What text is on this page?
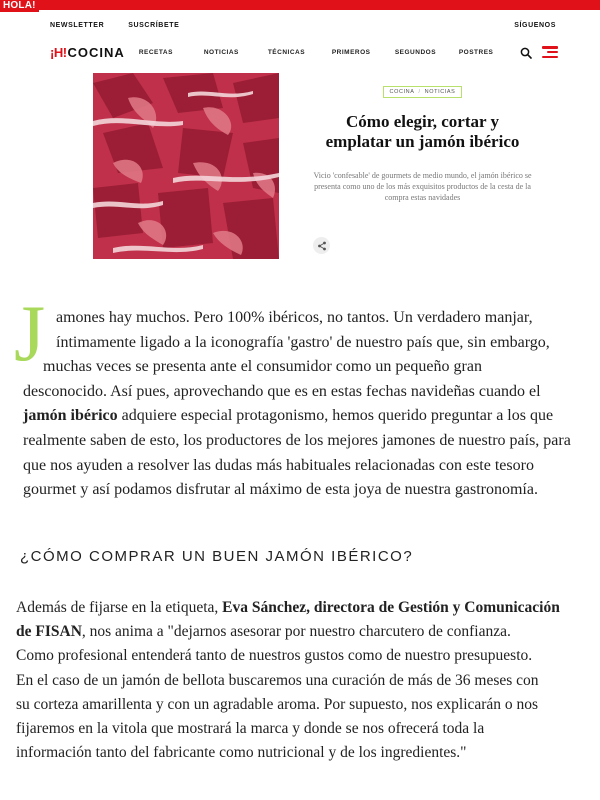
HOLA!
NEWSLETTER	SUSCRÍBETE	SÍGUENOS
¡H! COCINA RECETAS	NOTICIAS	TÉCNICAS	PRIMEROS	SEGUNDOS	POSTRES
COCINA / NOTICIAS
Cómo elegir, cortar y emplatar un jamón ibérico
Vicio 'confesable' de gourmets de medio mundo, el jamón ibérico se presenta como uno de los más exquisitos productos de la cesta de la compra estas navidades
J amones hay muchos. Pero 100% ibéricos, no tantos. Un verdadero manjar,
íntimamente ligado a la iconografía 'gastro' de nuestro país que, sin embargo,
muchas veces se presenta ante el consumidor como un pequeño gran
desconocido. Así pues, aprovechando que es en estas fechas navideñas cuando el
jamón ibérico adquiere especial protagonismo, hemos querido preguntar a los que
realmente saben de esto, los productores de los mejores jamones de nuestro país, para
que nos ayuden a resolver las dudas más habituales relacionadas con este tesoro
gourmet y así podamos disfrutar al máximo de esta joya de nuestra gastronomía.
¿CÓMO COMPRAR UN BUEN JAMÓN IBÉRICO?
Además de fijarse en la etiqueta, Eva Sánchez, directora de Gestión y Comunicación
de FISAN, nos anima a "dejarnos asesorar por nuestro charcutero de confianza.
Como profesional entenderá tanto de nuestros gustos como de nuestro presupuesto.
En el caso de un jamón de bellota buscaremos una curación de más de 36 meses con
su corteza amarillenta y con un agradable aroma. Por supuesto, nos explicarán o nos
fijaremos en la vitola que mostrará la marca y donde se nos ofrecerá toda la
información tanto del fabricante como nutricional y de los ingredientes."
